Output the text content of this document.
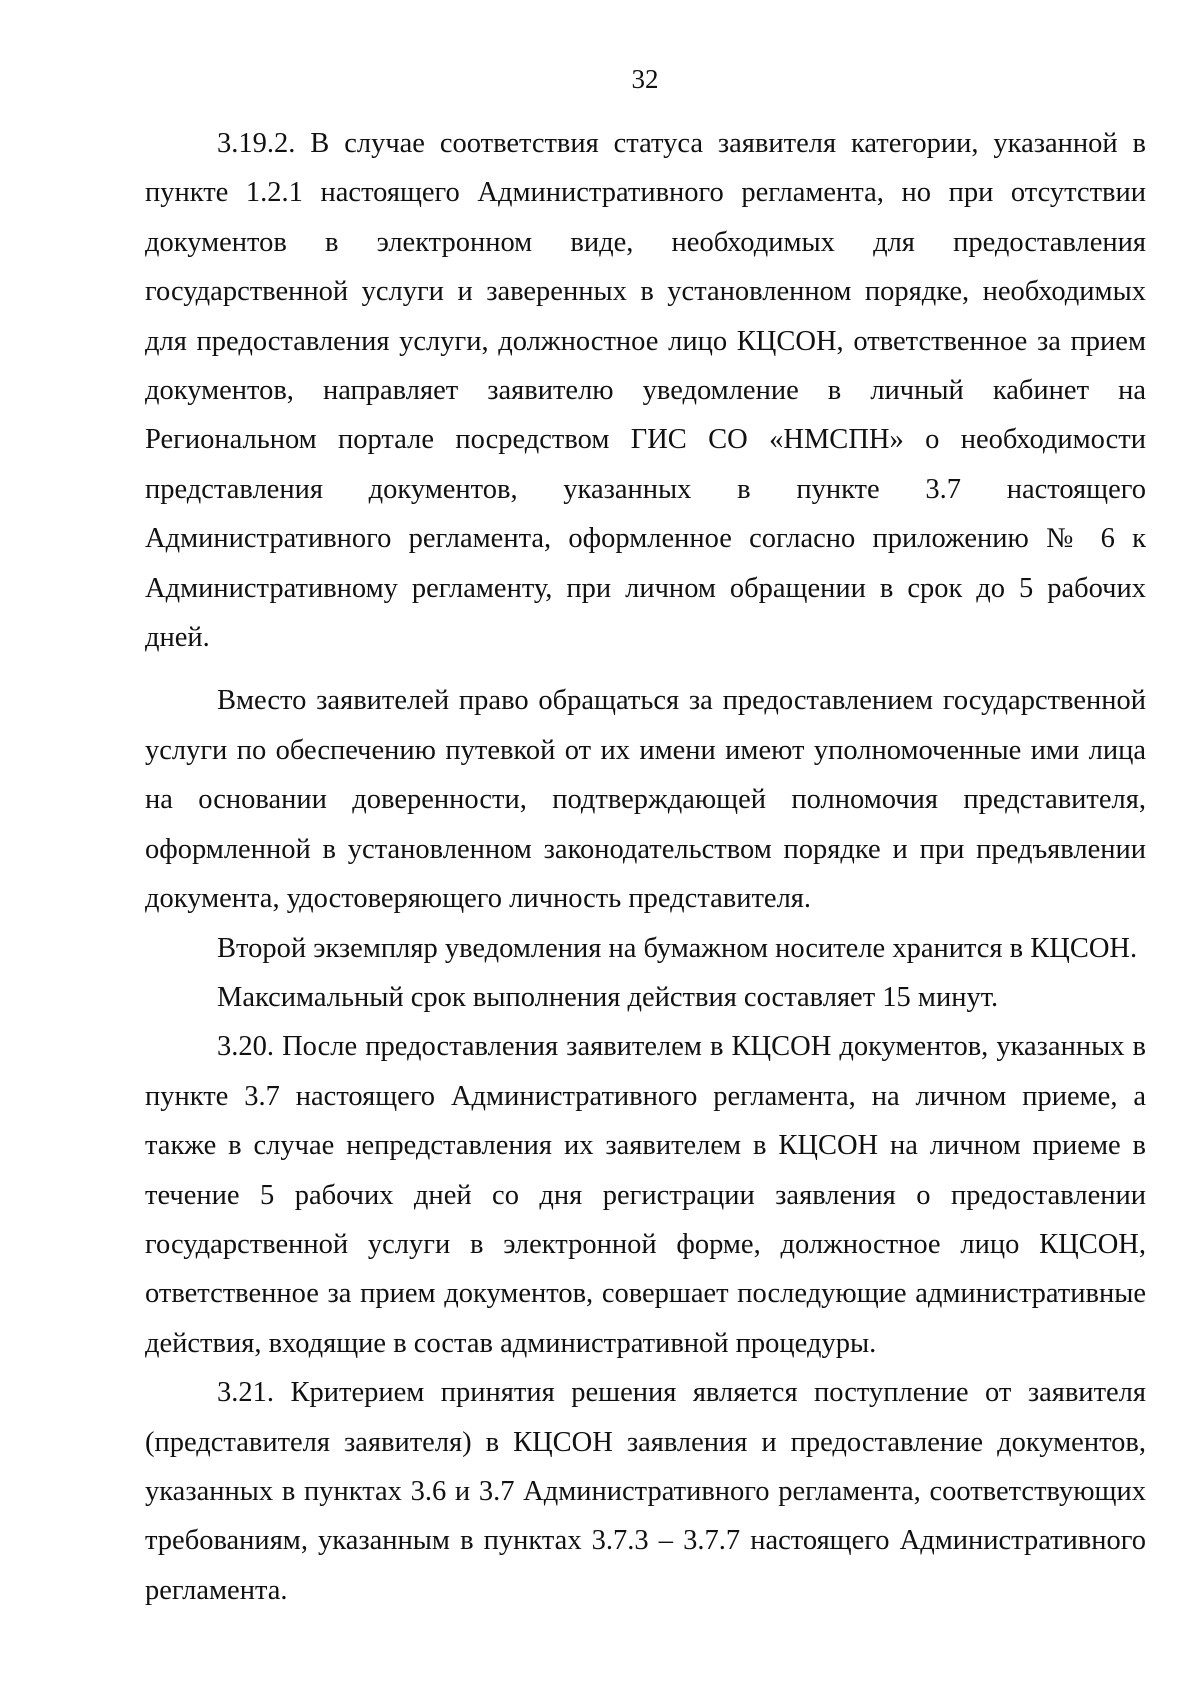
32

3.19.2. В случае соответствия статуса заявителя категории, указанной в пункте 1.2.1 настоящего Административного регламента, но при отсутствии документов в электронном виде, необходимых для предоставления государственной услуги и заверенных в установленном порядке, необходимых для предоставления услуги, должностное лицо КЦСОН, ответственное за прием документов, направляет заявителю уведомление в личный кабинет на Региональном портале посредством ГИС СО «НМСПН» о необходимости представления документов, указанных в пункте 3.7 настоящего Административного регламента, оформленное согласно приложению № 6 к Административному регламенту, при личном обращении в срок до 5 рабочих дней.

Вместо заявителей право обращаться за предоставлением государственной услуги по обеспечению путевкой от их имени имеют уполномоченные ими лица на основании доверенности, подтверждающей полномочия представителя, оформленной в установленном законодательством порядке и при предъявлении документа, удостоверяющего личность представителя.

Второй экземпляр уведомления на бумажном носителе хранится в КЦСОН.

Максимальный срок выполнения действия составляет 15 минут.

3.20. После предоставления заявителем в КЦСОН документов, указанных в пункте 3.7 настоящего Административного регламента, на личном приеме, а также в случае непредставления их заявителем в КЦСОН на личном приеме в течение 5 рабочих дней со дня регистрации заявления о предоставлении государственной услуги в электронной форме, должностное лицо КЦСОН, ответственное за прием документов, совершает последующие административные действия, входящие в состав административной процедуры.

3.21. Критерием принятия решения является поступление от заявителя (представителя заявителя) в КЦСОН заявления и предоставление документов, указанных в пунктах 3.6 и 3.7 Административного регламента, соответствующих требованиям, указанным в пунктах 3.7.3 – 3.7.7 настоящего Административного регламента.
